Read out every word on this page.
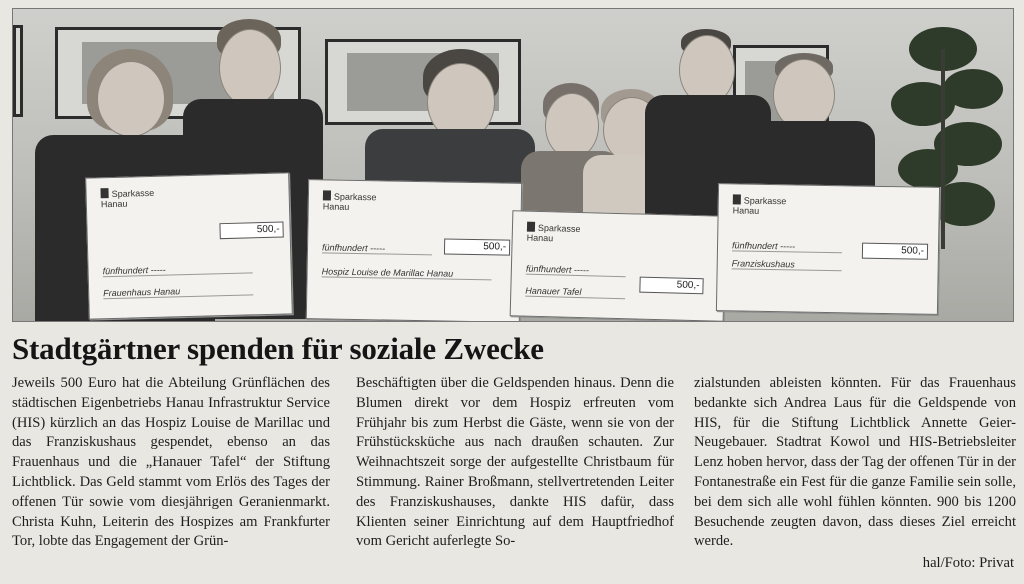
Sparkasse
Hanau
500,-
fünfhundert -----
Frauenhaus Hanau
Sparkasse
Hanau
500,-
fünfhundert -----
Hospiz Louise de Marillac Hanau
Sparkasse
Hanau
500,-
fünfhundert -----
Hanauer Tafel
Sparkasse
Hanau
500,-
fünfhundert -----
Franziskushaus
Stadtgärtner spenden für soziale Zwecke

Jeweils 500 Euro hat die Abteilung Grünflächen des städtischen Eigenbetriebs Hanau Infrastruktur Service (HIS) kürzlich an das Hospiz Louise de Marillac und das Franziskushaus gespendet, ebenso an das Frauenhaus und die „Hanauer Tafel“ der Stiftung Lichtblick. Das Geld stammt vom Erlös des Tages der offenen Tür sowie vom diesjährigen Geranienmarkt. Christa Kuhn, Leiterin des Hospizes am Frankfurter Tor, lobte das Engagement der Grün-

Beschäftigten über die Geldspenden hinaus. Denn die Blumen direkt vor dem Hospiz erfreuten vom Frühjahr bis zum Herbst die Gäste, wenn sie von der Frühstücksküche aus nach draußen schauten. Zur Weihnachtszeit sorge der aufgestellte Christbaum für Stimmung. Rainer Broßmann, stellvertretenden Leiter des Franziskushauses, dankte HIS dafür, dass Klienten seiner Einrichtung auf dem Hauptfriedhof vom Gericht auferlegte So-

zialstunden ableisten könnten. Für das Frauenhaus bedankte sich Andrea Laus für die Geldspende von HIS, für die Stiftung Lichtblick Annette Geier-Neugebauer. Stadtrat Kowol und HIS-Betriebsleiter Lenz hoben hervor, dass der Tag der offenen Tür in der Fontanestraße ein Fest für die ganze Familie sein solle, bei dem sich alle wohl fühlen könnten. 900 bis 1200 Besuchende zeugten davon, dass dieses Ziel erreicht werde.

hal/Foto: Privat
